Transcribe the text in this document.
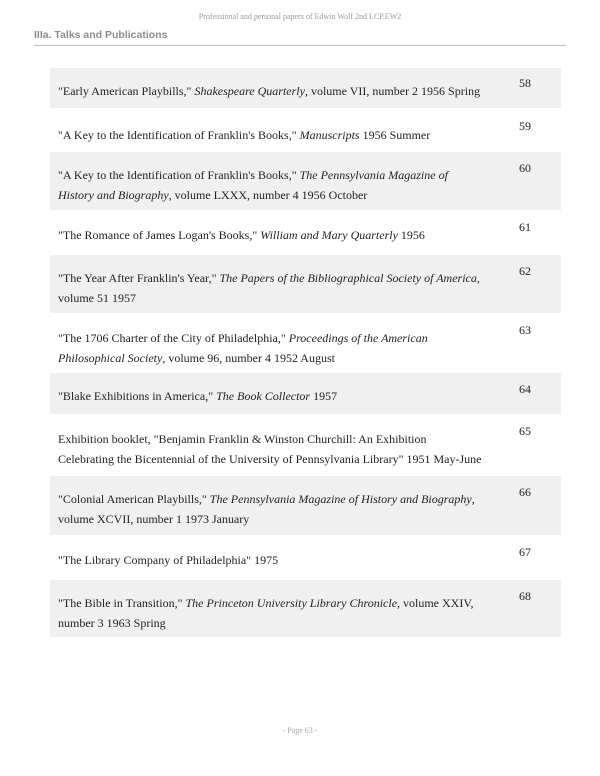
Professional and personal papers of Edwin Wolf 2nd LCP.EW2
IIIa. Talks and Publications
"Early American Playbills," Shakespeare Quarterly, volume VII, number 2 1956 Spring
58
"A Key to the Identification of Franklin's Books," Manuscripts 1956 Summer
59
"A Key to the Identification of Franklin's Books," The Pennsylvania Magazine of History and Biography, volume LXXX, number 4 1956 October
60
"The Romance of James Logan's Books," William and Mary Quarterly 1956
61
"The Year After Franklin's Year," The Papers of the Bibliographical Society of America, volume 51 1957
62
"The 1706 Charter of the City of Philadelphia," Proceedings of the American Philosophical Society, volume 96, number 4 1952 August
63
"Blake Exhibitions in America," The Book Collector 1957	64
Exhibition booklet, "Benjamin Franklin & Winston Churchill: An Exhibition Celebrating the Bicentennial of the University of Pennsylvania Library" 1951 May-June
65
"Colonial American Playbills," The Pennsylvania Magazine of History and Biography, volume XCVII, number 1 1973 January
66
"The Library Company of Philadelphia" 1975
67
"The Bible in Transition," The Princeton University Library Chronicle, volume XXIV, number 3 1963 Spring
68
- Page 63 -
